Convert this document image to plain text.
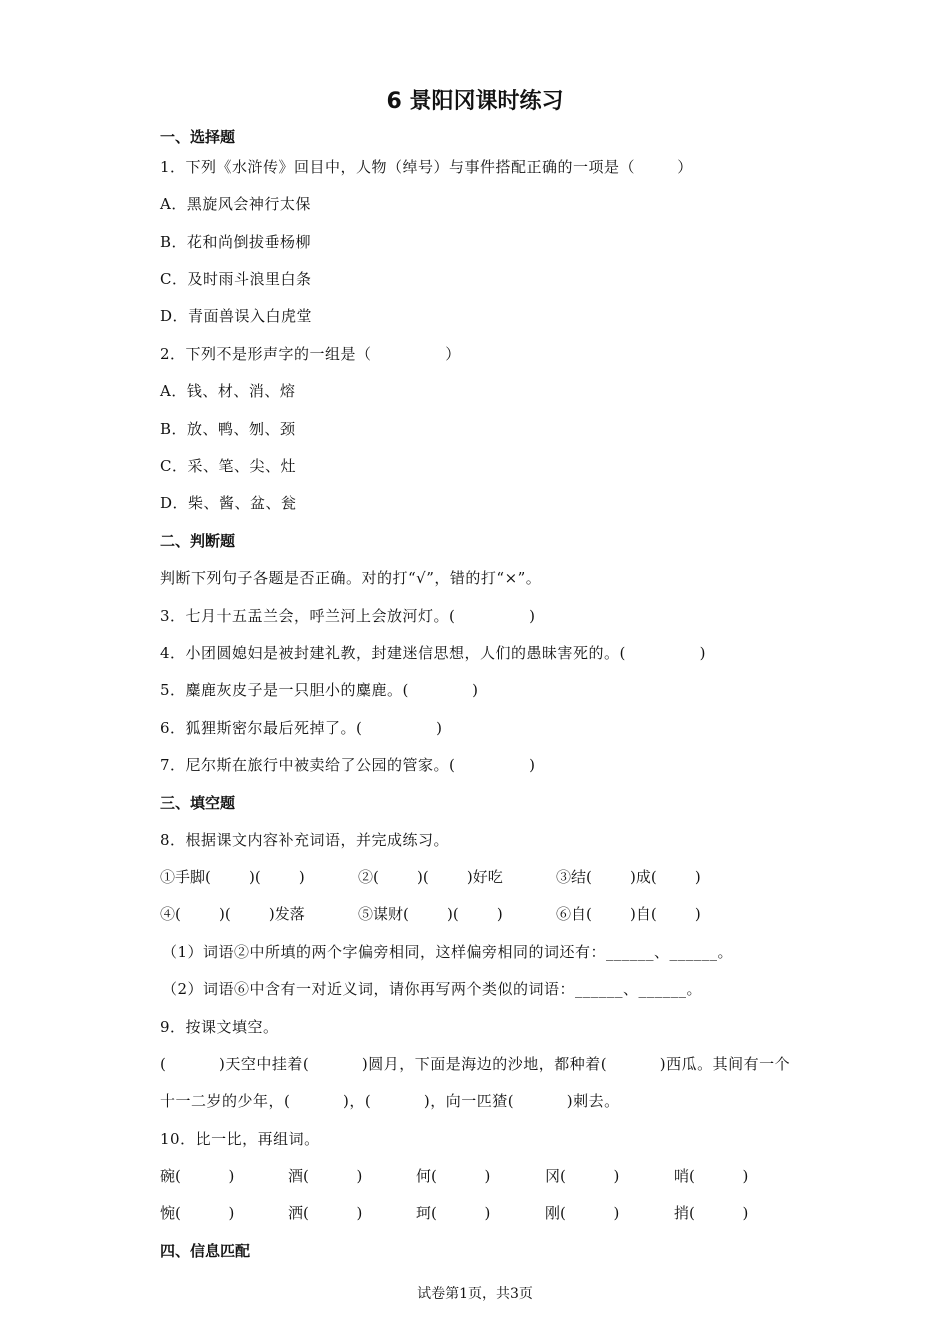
6 景阳冈课时练习
一、选择题
1．下列《水浒传》回目中，人物（绰号）与事件搭配正确的一项是（        ）
A．黑旋风会神行太保
B．花和尚倒拔垂杨柳
C．及时雨斗浪里白条
D．青面兽误入白虎堂
2．下列不是形声字的一组是（              ）
A．钱、材、消、熔
B．放、鸭、刎、颈
C．采、笔、尖、灶
D．柴、酱、盆、瓮
二、判断题
判断下列句子各题是否正确。对的打“√”，错的打“×”。
3．七月十五盂兰会，呼兰河上会放河灯。(              )
4．小团圆媳妇是被封建礼教，封建迷信思想，人们的愚昧害死的。(              )
5．麋鹿灰皮子是一只胆小的麋鹿。(            )
6．狐狸斯密尔最后死掉了。(              )
7．尼尔斯在旅行中被卖给了公园的管家。(              )
三、填空题
8．根据课文内容补充词语，并完成练习。
①手脚(        )(        )	②(        )(        )好吃	③结(        )成(        )
④(        )(        )发落	⑤谋财(        )(        )	⑥自(        )自(        )
（1）词语②中所填的两个字偏旁相同，这样偏旁相同的词还有：______、______。
（2）词语⑥中含有一对近义词，请你再写两个类似的词语：______、______。
9．按课文填空。
(          )天空中挂着(          )圆月，下面是海边的沙地，都种着(          )西瓜。其间有一个
十一二岁的少年，(          )，(          )，向一匹猹(          )刺去。
10．比一比，再组词。
碗(          )	酒(          )	何(          )	冈(          )	哨(          )
惋(          )	洒(          )	珂(          )	刚(          )	捎(          )
四、信息匹配
试卷第1页，共3页
